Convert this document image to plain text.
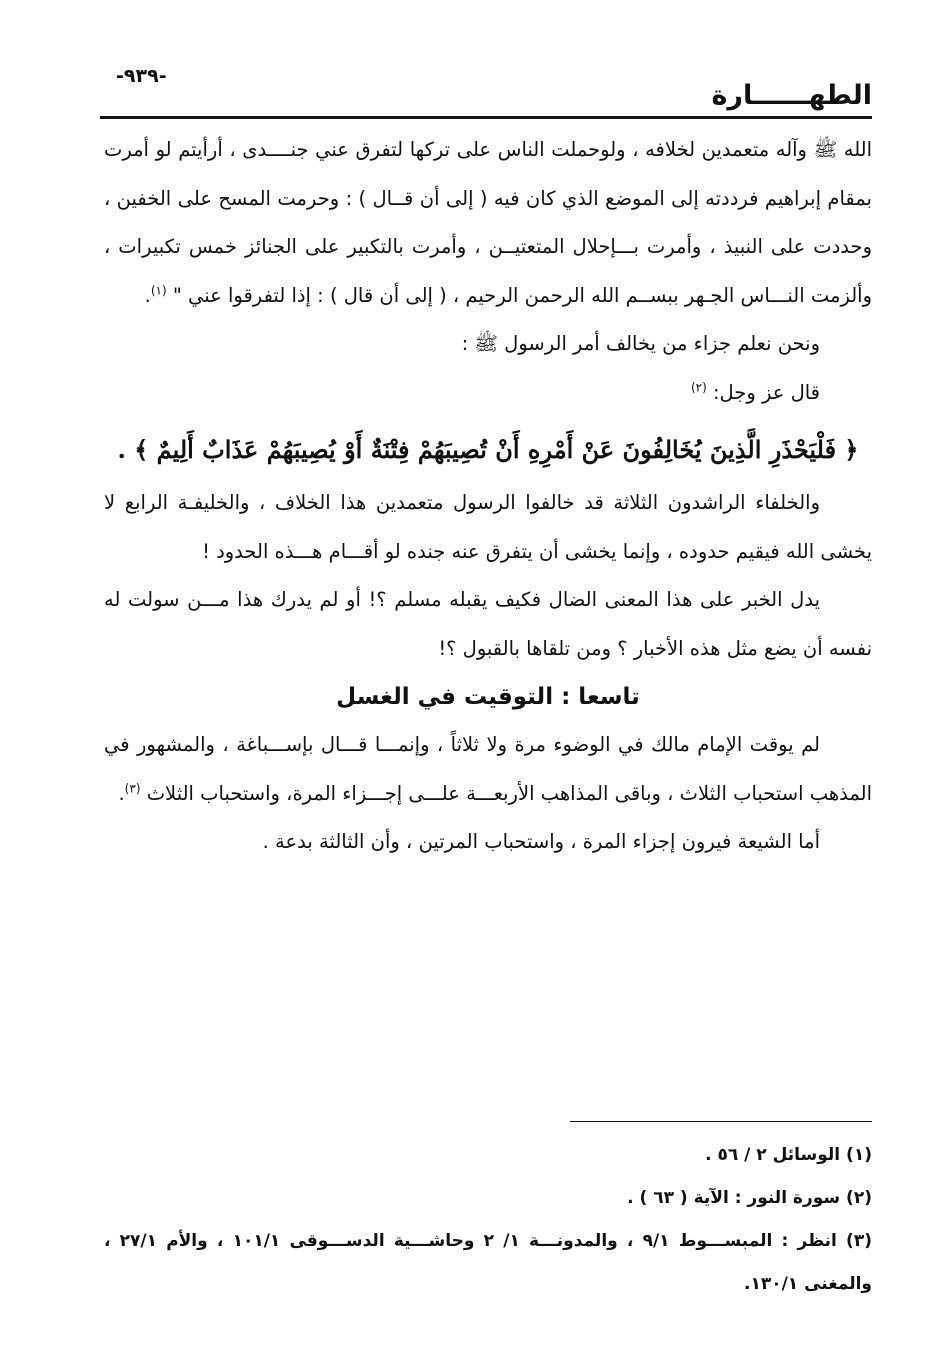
الطهــــــارة
-٩٣٩-

الله ﷺ وآله متعمدين لخلافه ، ولوحملت الناس على تركها لتفرق عني جنــــدى ، أرأيتم لو أمرت بمقام إبراهيم فرددته إلى الموضع الذي كان فيه ( إلى أن قــال ) : وحرمت المسح على الخفين ، وحددت على النبيذ ، وأمرت بـــإحلال المتعتيــن ، وأمرت بالتكبير على الجنائز خمس تكبيرات ، وألزمت النـــاس الجـهر ببســم الله الرحمن الرحيم ، ( إلى أن قال ) : إذا لتفرقوا عني " $^{(١)}$.

ونحن نعلم جزاء من يخالف أمر الرسول ﷺ :

قال عز وجل: $^{(٢)}$

﴿ فَلْيَحْذَرِ الَّذِينَ يُخَالِفُونَ عَنْ أَمْرِهِ أَنْ تُصِيبَهُمْ فِتْنَةٌ أَوْ يُصِيبَهُمْ عَذَابٌ أَلِيمٌ ﴾ .

والخلفاء الراشدون الثلاثة قد خالفوا الرسول متعمدين هذا الخلاف ، والخليفـة الرابع لا يخشى الله فيقيم حدوده ، وإنما يخشى أن يتفرق عنه جنده لو أقـــام هـــذه الحدود !

يدل الخبر على هذا المعنى الضال فكيف يقبله مسلم ؟! أو لم يدرك هذا مـــن سولت له نفسه أن يضع مثل هذه الأخبار ؟ ومن تلقاها بالقبول ؟!

تاسعا : التوقيت في الغسل

لم يوقت الإمام مالك في الوضوء مرة ولا ثلاثاً ، وإنمـــا قـــال بإســـباغة ، والمشهور في المذهب استحباب الثلاث ، وباقى المذاهب الأربعـــة علـــى إجـــزاء المرة، واستحباب الثلاث $^{(٣)}$.

أما الشيعة فيرون إجزاء المرة ، واستحباب المرتين ، وأن الثالثة بدعة .

(١) الوسائل ٢ / ٥٦ .

(٢) سورة النور : الآية ( ٦٣ ) .

(٣) انظر : المبســـوط ٩/١ ، والمدونـــة ١/ ٢ وحاشـــية الدســـوقى ١٠١/١ ، والأم ٢٧/١ ، والمغنى ١٣٠/١.
